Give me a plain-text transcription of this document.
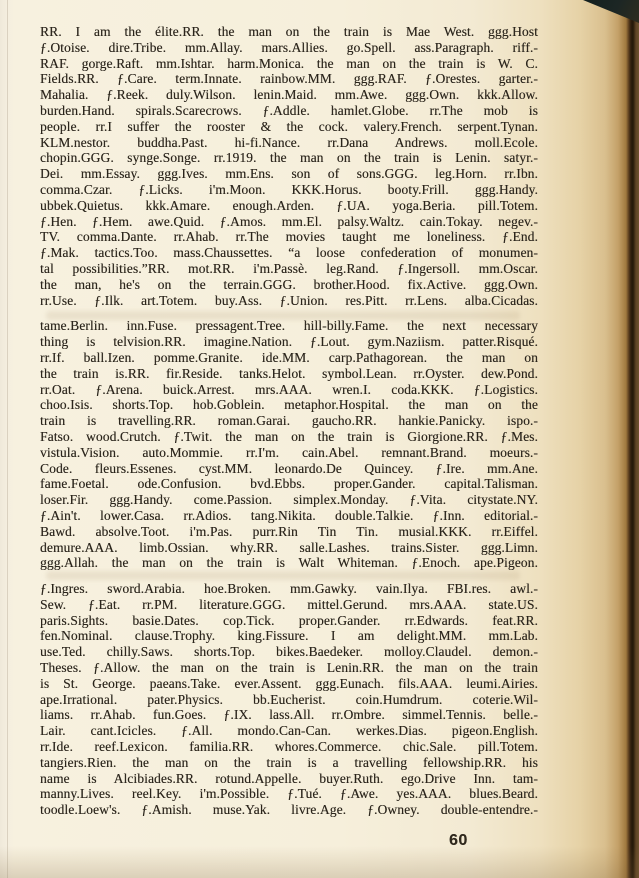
RR. I am the élite.RR. the man on the train is Mae West. ggg.Host
ƒ.Otoise. dire.Tribe. mm.Allay. mars.Allies. go.Spell. ass.Paragraph. riff.-
RAF. gorge.Raft. mm.Ishtar. harm.Monica. the man on the train is W. C.
Fields.RR. ƒ.Care. term.Innate. rainbow.MM. ggg.RAF. ƒ.Orestes. garter.-
Mahalia. ƒ.Reek. duly.Wilson. lenin.Maid. mm.Awe. ggg.Own. kkk.Allow.
burden.Hand. spirals.Scarecrows. ƒ.Addle. hamlet.Globe. rr.The mob is
people. rr.I suffer the rooster & the cock. valery.French. serpent.Tynan.
KLM.nestor. buddha.Past. hi-fi.Nance. rr.Dana Andrews. moll.Ecole.
chopin.GGG. synge.Songe. rr.1919. the man on the train is Lenin. satyr.-
Dei. mm.Essay. ggg.Ives. mm.Ens. son of sons.GGG. leg.Horn. rr.Ibn.
comma.Czar. ƒ.Licks. i'm.Moon. KKK.Horus. booty.Frill. ggg.Handy.
ubbek.Quietus. kkk.Amare. enough.Arden. ƒ.UA. yoga.Beria. pill.Totem.
ƒ.Hen. ƒ.Hem. awe.Quid. ƒ.Amos. mm.El. palsy.Waltz. cain.Tokay. negev.-
TV. comma.Dante. rr.Ahab. rr.The movies taught me loneliness. ƒ.End.
ƒ.Mak. tactics.Too. mass.Chaussettes. “a loose confederation of monumen-
tal possibilities.”RR. mot.RR. i'm.Passè. leg.Rand. ƒ.Ingersoll. mm.Oscar.
the man, he's on the terrain.GGG. brother.Hood. fix.Active. ggg.Own.
rr.Use. ƒ.Ilk. art.Totem. buy.Ass. ƒ.Union. res.Pitt. rr.Lens. alba.Cicadas.

tame.Berlin. inn.Fuse. pressagent.Tree. hill-billy.Fame. the next necessary
thing is telvision.RR. imagine.Nation. ƒ.Lout. gym.Naziism. patter.Risqué.
rr.If. ball.Izen. pomme.Granite. ide.MM. carp.Pathagorean. the man on
the train is.RR. fir.Reside. tanks.Helot. symbol.Lean. rr.Oyster. dew.Pond.
rr.Oat. ƒ.Arena. buick.Arrest. mrs.AAA. wren.I. coda.KKK. ƒ.Logistics.
choo.Isis. shorts.Top. hob.Goblein. metaphor.Hospital. the man on the
train is travelling.RR. roman.Garai. gaucho.RR. hankie.Panicky. ispo.-
Fatso. wood.Crutch. ƒ.Twit. the man on the train is Giorgione.RR. ƒ.Mes.
vistula.Vision. auto.Mommie. rr.I'm. cain.Abel. remnant.Brand. moeurs.-
Code. fleurs.Essenes. cyst.MM. leonardo.De Quincey. ƒ.Ire. mm.Ane.
fame.Foetal. ode.Confusion. bvd.Ebbs. proper.Gander. capital.Talisman.
loser.Fir. ggg.Handy. come.Passion. simplex.Monday. ƒ.Vita. citystate.NY.
ƒ.Ain't. lower.Casa. rr.Adios. tang.Nikita. double.Talkie. ƒ.Inn. editorial.-
Bawd. absolve.Toot. i'm.Pas. purr.Rin Tin Tin. musial.KKK. rr.Eiffel.
demure.AAA. limb.Ossian. why.RR. salle.Lashes. trains.Sister. ggg.Limn.
ggg.Allah. the man on the train is Walt Whiteman. ƒ.Enoch. ape.Pigeon.

ƒ.Ingres. sword.Arabia. hoe.Broken. mm.Gawky. vain.Ilya. FBI.res. awl.-
Sew. ƒ.Eat. rr.PM. literature.GGG. mittel.Gerund. mrs.AAA. state.US.
paris.Sights. basie.Dates. cop.Tick. proper.Gander. rr.Edwards. feat.RR.
fen.Nominal. clause.Trophy. king.Fissure. I am delight.MM. mm.Lab.
use.Ted. chilly.Saws. shorts.Top. bikes.Baedeker. molloy.Claudel. demon.-
Theses. ƒ.Allow. the man on the train is Lenin.RR. the man on the train
is St. George. paeans.Take. ever.Assent. ggg.Eunach. fils.AAA. leumi.Airies.
ape.Irrational. pater.Physics. bb.Eucherist. coin.Humdrum. coterie.Wil-
liams. rr.Ahab. fun.Goes. ƒ.IX. lass.All. rr.Ombre. simmel.Tennis. belle.-
Lair. cant.Icicles. ƒ.All. mondo.Can-Can. werkes.Dias. pigeon.English.
rr.Ide. reef.Lexicon. familia.RR. whores.Commerce. chic.Sale. pill.Totem.
tangiers.Rien. the man on the train is a travelling fellowship.RR. his
name is Alcibiades.RR. rotund.Appelle. buyer.Ruth. ego.Drive Inn. tam-
manny.Lives. reel.Key. i'm.Possible. ƒ.Tué. ƒ.Awe. yes.AAA. blues.Beard.
toodle.Loew's. ƒ.Amish. muse.Yak. livre.Age. ƒ.Owney. double-entendre.-

60
